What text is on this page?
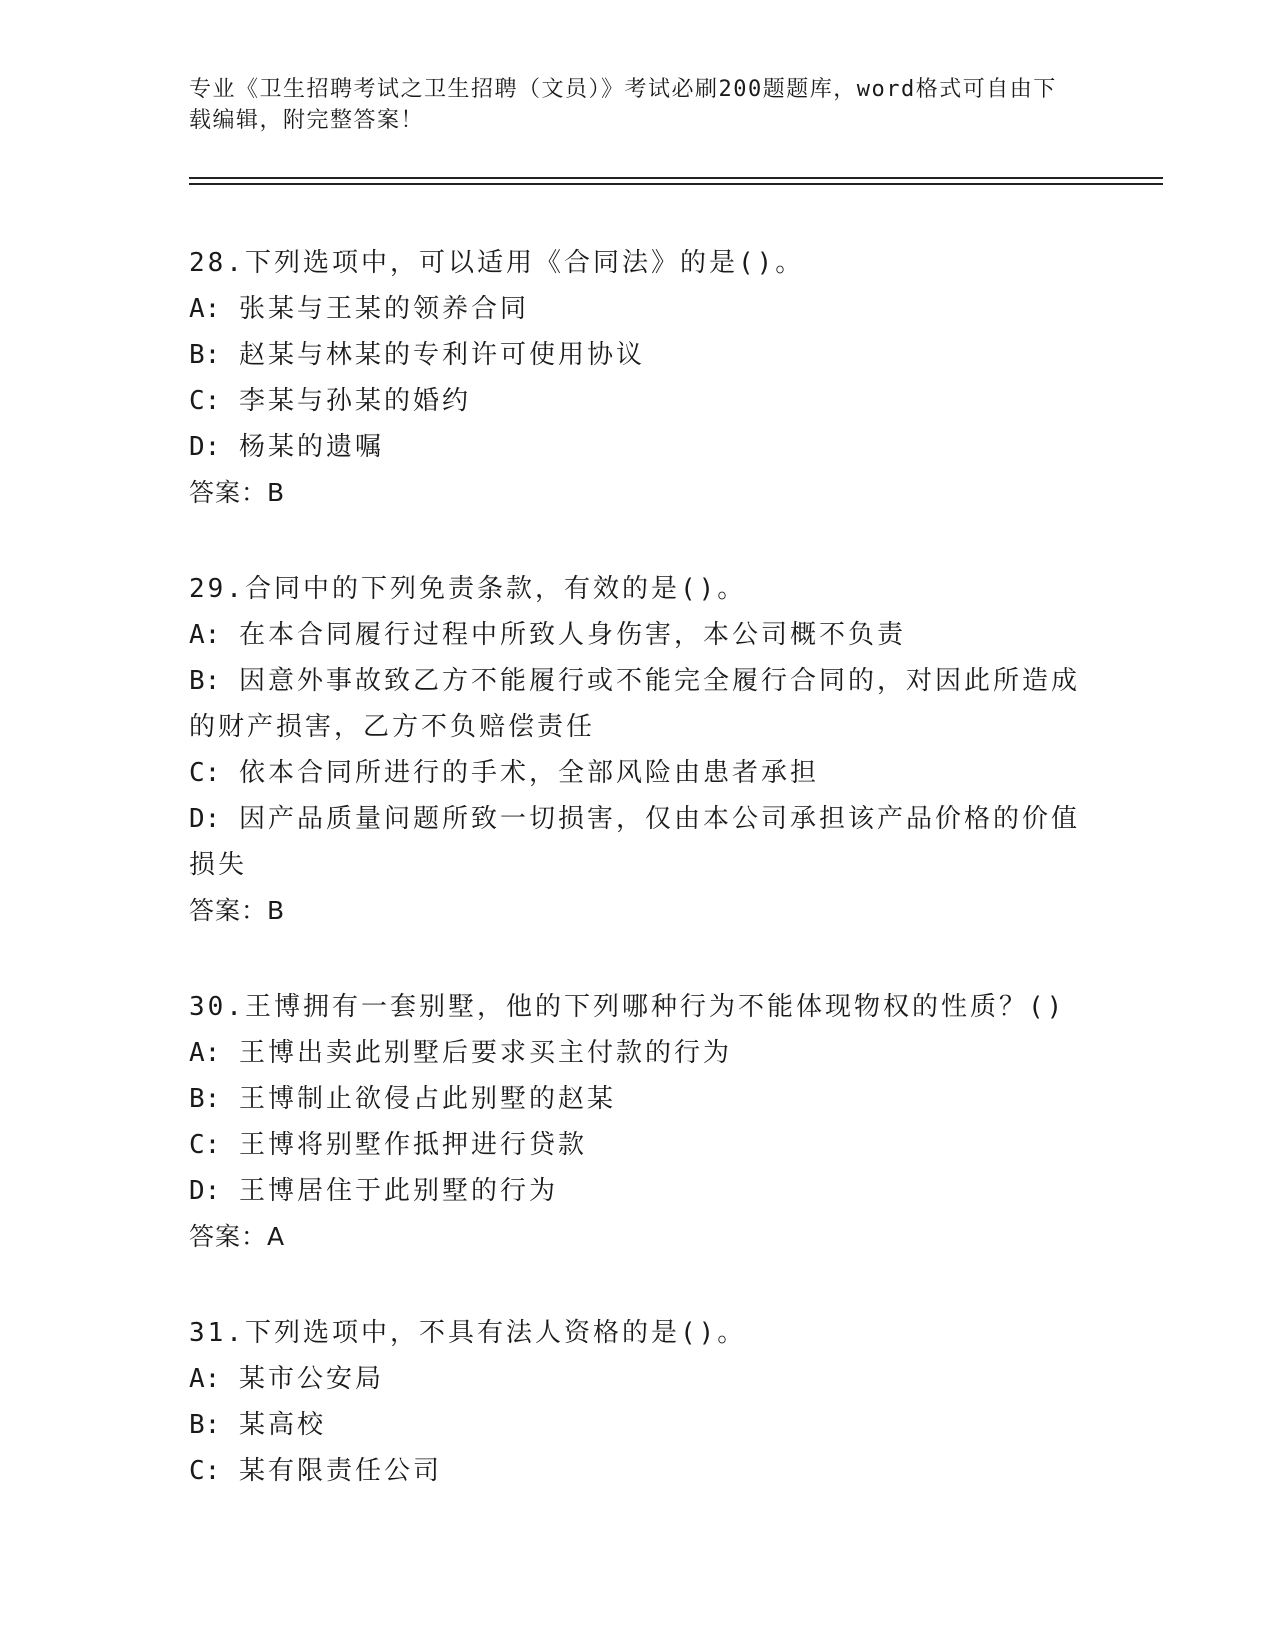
专业《卫生招聘考试之卫生招聘（文员）》考试必刷200题题库，word格式可自由下载编辑，附完整答案！
28.下列选项中，可以适用《合同法》的是()。
A: 张某与王某的领养合同
B: 赵某与林某的专利许可使用协议
C: 李某与孙某的婚约
D: 杨某的遗嘱
答案：B
29.合同中的下列免责条款，有效的是()。
A: 在本合同履行过程中所致人身伤害，本公司概不负责
B: 因意外事故致乙方不能履行或不能完全履行合同的，对因此所造成的财产损害，乙方不负赔偿责任
C: 依本合同所进行的手术，全部风险由患者承担
D: 因产品质量问题所致一切损害，仅由本公司承担该产品价格的价值损失
答案：B
30.王博拥有一套别墅，他的下列哪种行为不能体现物权的性质？()
A: 王博出卖此别墅后要求买主付款的行为
B: 王博制止欲侵占此别墅的赵某
C: 王博将别墅作抵押进行贷款
D: 王博居住于此别墅的行为
答案：A
31.下列选项中，不具有法人资格的是()。
A: 某市公安局
B: 某高校
C: 某有限责任公司
